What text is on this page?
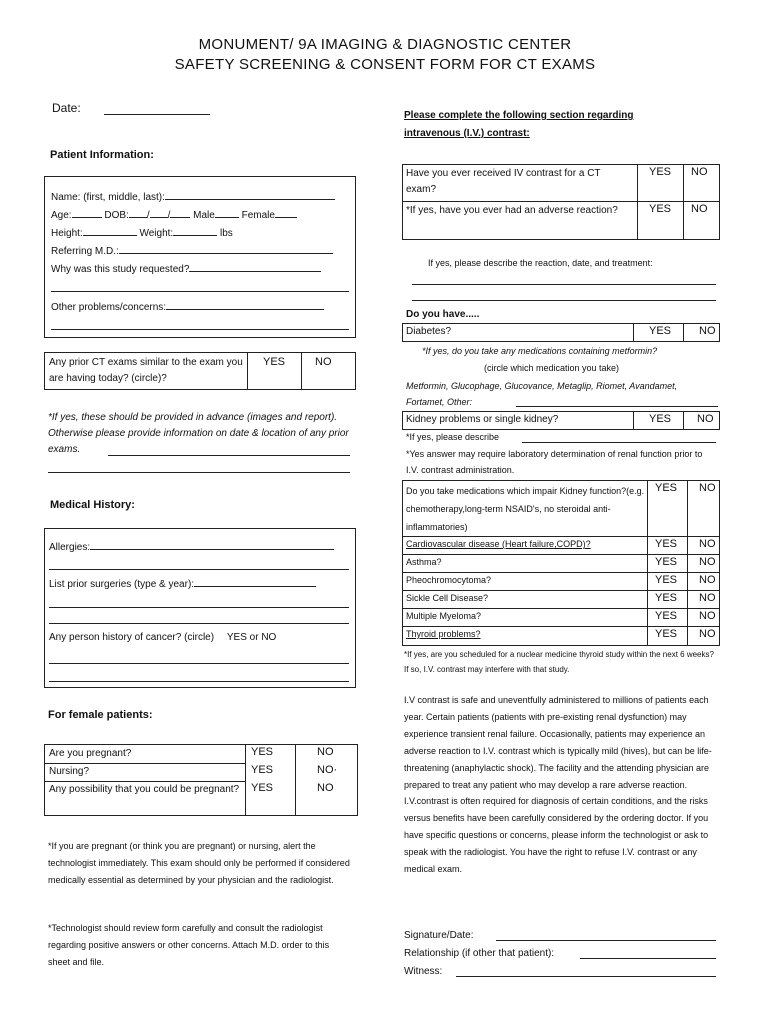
MONUMENT/ 9A IMAGING & DIAGNOSTIC CENTER
SAFETY SCREENING & CONSENT FORM FOR CT EXAMS
Date:
Patient Information:
Name: (first, middle, last):
Age:	DOB: / / Male	Female
Height:	Weight:	lbs
Referring M.D.:
Why was this study requested?
Other problems/concerns:
Any prior CT exams similar to the exam you are having today? (circle)?
YES	NO
*If yes, these should be provided in advance (images and report). Otherwise please provide information on date & location of any prior exams.
Medical History:
Allergies:
List prior surgeries (type & year):
Any person history of cancer? (circle) YES or NO
For female patients:
Are you pregnant?	YES	NO
Nursing?	YES	NO·
Any possibility that you could be pregnant?	YES	NO
*If you are pregnant (or think you are pregnant) or nursing, alert the technologist immediately. This exam should only be performed if considered medically essential as determined by your physician and the radiologist.
*Technologist should review form carefully and consult the radiologist regarding positive answers or other concerns. Attach M.D. order to this sheet and file.
Please complete the following section regarding
intravenous (I.V.) contrast:
Have you ever received IV contrast for a CT exam?
YES NO
*If yes, have you ever had an adverse reaction?	YES NO
If yes, please describe the reaction, date, and treatment:
Do you have.....
Diabetes?	YES	NO
*If yes, do you take any medications containing metformin?
(circle which medication you take)
Metformin, Glucophage, Glucovance, Metaglip, Riomet, Avandamet, Fortamet, Other:
Kidney problems or single kidney?	YES NO
*If yes, please describe
*Yes answer may require laboratory determination of renal function prior to I.V. contrast administration.
Do you take medications which impair Kidney function?(e.g. chemotherapy,long-term NSAID's, no steroidal anti-inflammatories)
YES NO
Cardiovascular disease (Heart failure,COPD)?	YES NO
Asthma?	YES NO
Pheochromocytoma?	YES NO
Sickle Cell Disease?	YES NO
Multiple Myeloma?	YES NO
Thyroid problems?	YES NO
*If yes, are you scheduled for a nuclear medicine thyroid study within the next 6 weeks? If so, I.V. contrast may interfere with that study.
I.V contrast is safe and uneventfully administered to millions of patients each year. Certain patients (patients with pre-existing renal dysfunction) may experience transient renal failure. Occasionally, patients may experience an adverse reaction to I.V. contrast which is typically mild (hives), but can be life-threatening (anaphylactic shock). The facility and the attending physician are prepared to treat any patient who may develop a rare adverse reaction. I.V.contrast is often required for diagnosis of certain conditions, and the risks versus benefits have been carefully considered by the ordering doctor. If you have specific questions or concerns, please inform the technologist or ask to speak with the radiologist. You have the right to refuse I.V. contrast or any medical exam.
Signature/Date:
Relationship (if other that patient):
Witness:
